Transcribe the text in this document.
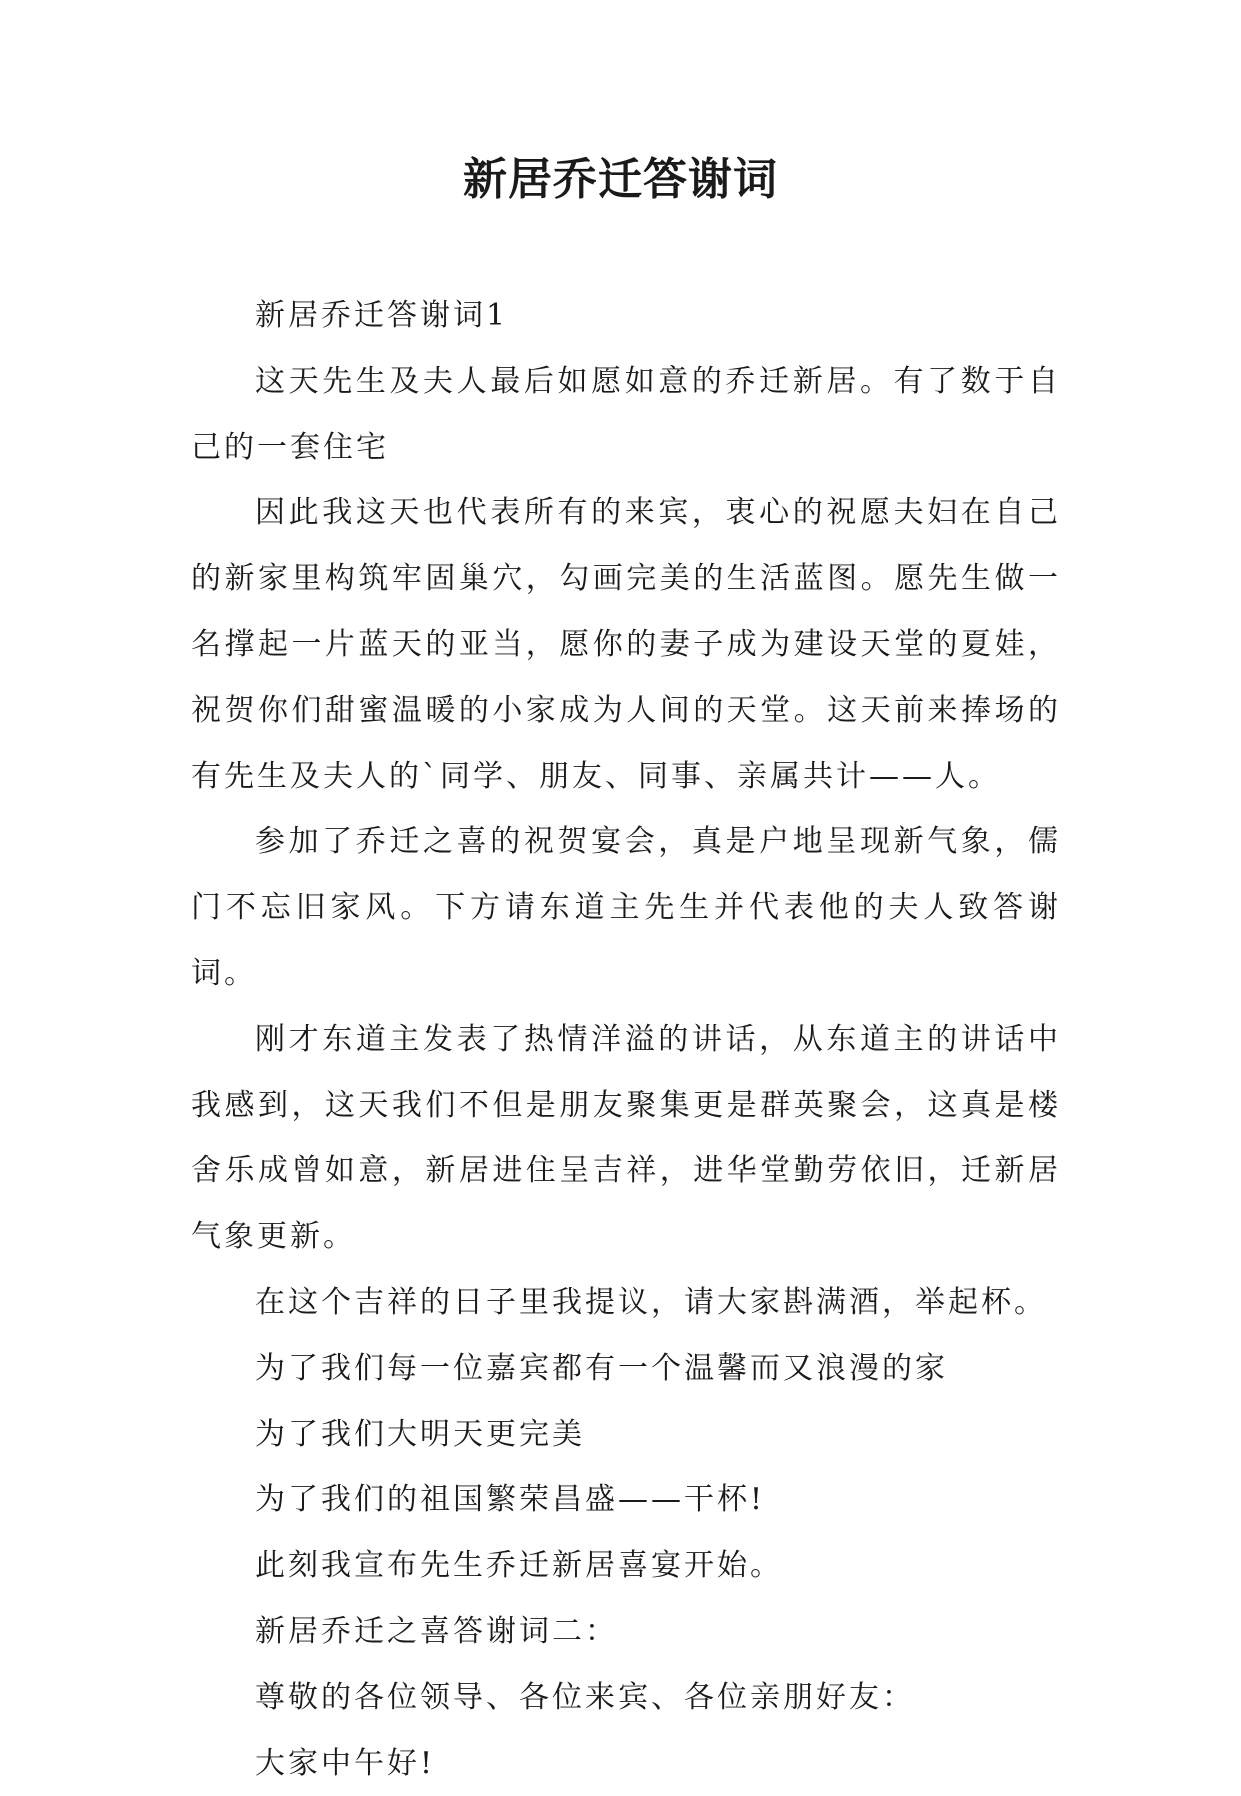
新居乔迁答谢词

新居乔迁答谢词1

这天先生及夫人最后如愿如意的乔迁新居。有了数于自己的一套住宅

因此我这天也代表所有的来宾，衷心的祝愿夫妇在自己的新家里构筑牢固巢穴，勾画完美的生活蓝图。愿先生做一名撑起一片蓝天的亚当，愿你的妻子成为建设天堂的夏娃，祝贺你们甜蜜温暖的小家成为人间的天堂。这天前来捧场的有先生及夫人的`同学、朋友、同事、亲属共计——人。

参加了乔迁之喜的祝贺宴会，真是户地呈现新气象，儒门不忘旧家风。下方请东道主先生并代表他的夫人致答谢词。

刚才东道主发表了热情洋溢的讲话，从东道主的讲话中我感到，这天我们不但是朋友聚集更是群英聚会，这真是楼舍乐成曾如意，新居进住呈吉祥，进华堂勤劳依旧，迁新居气象更新。

在这个吉祥的日子里我提议，请大家斟满酒，举起杯。

为了我们每一位嘉宾都有一个温馨而又浪漫的家

为了我们大明天更完美

为了我们的祖国繁荣昌盛——干杯!

此刻我宣布先生乔迁新居喜宴开始。

新居乔迁之喜答谢词二：

尊敬的各位领导、各位来宾、各位亲朋好友：

大家中午好!
